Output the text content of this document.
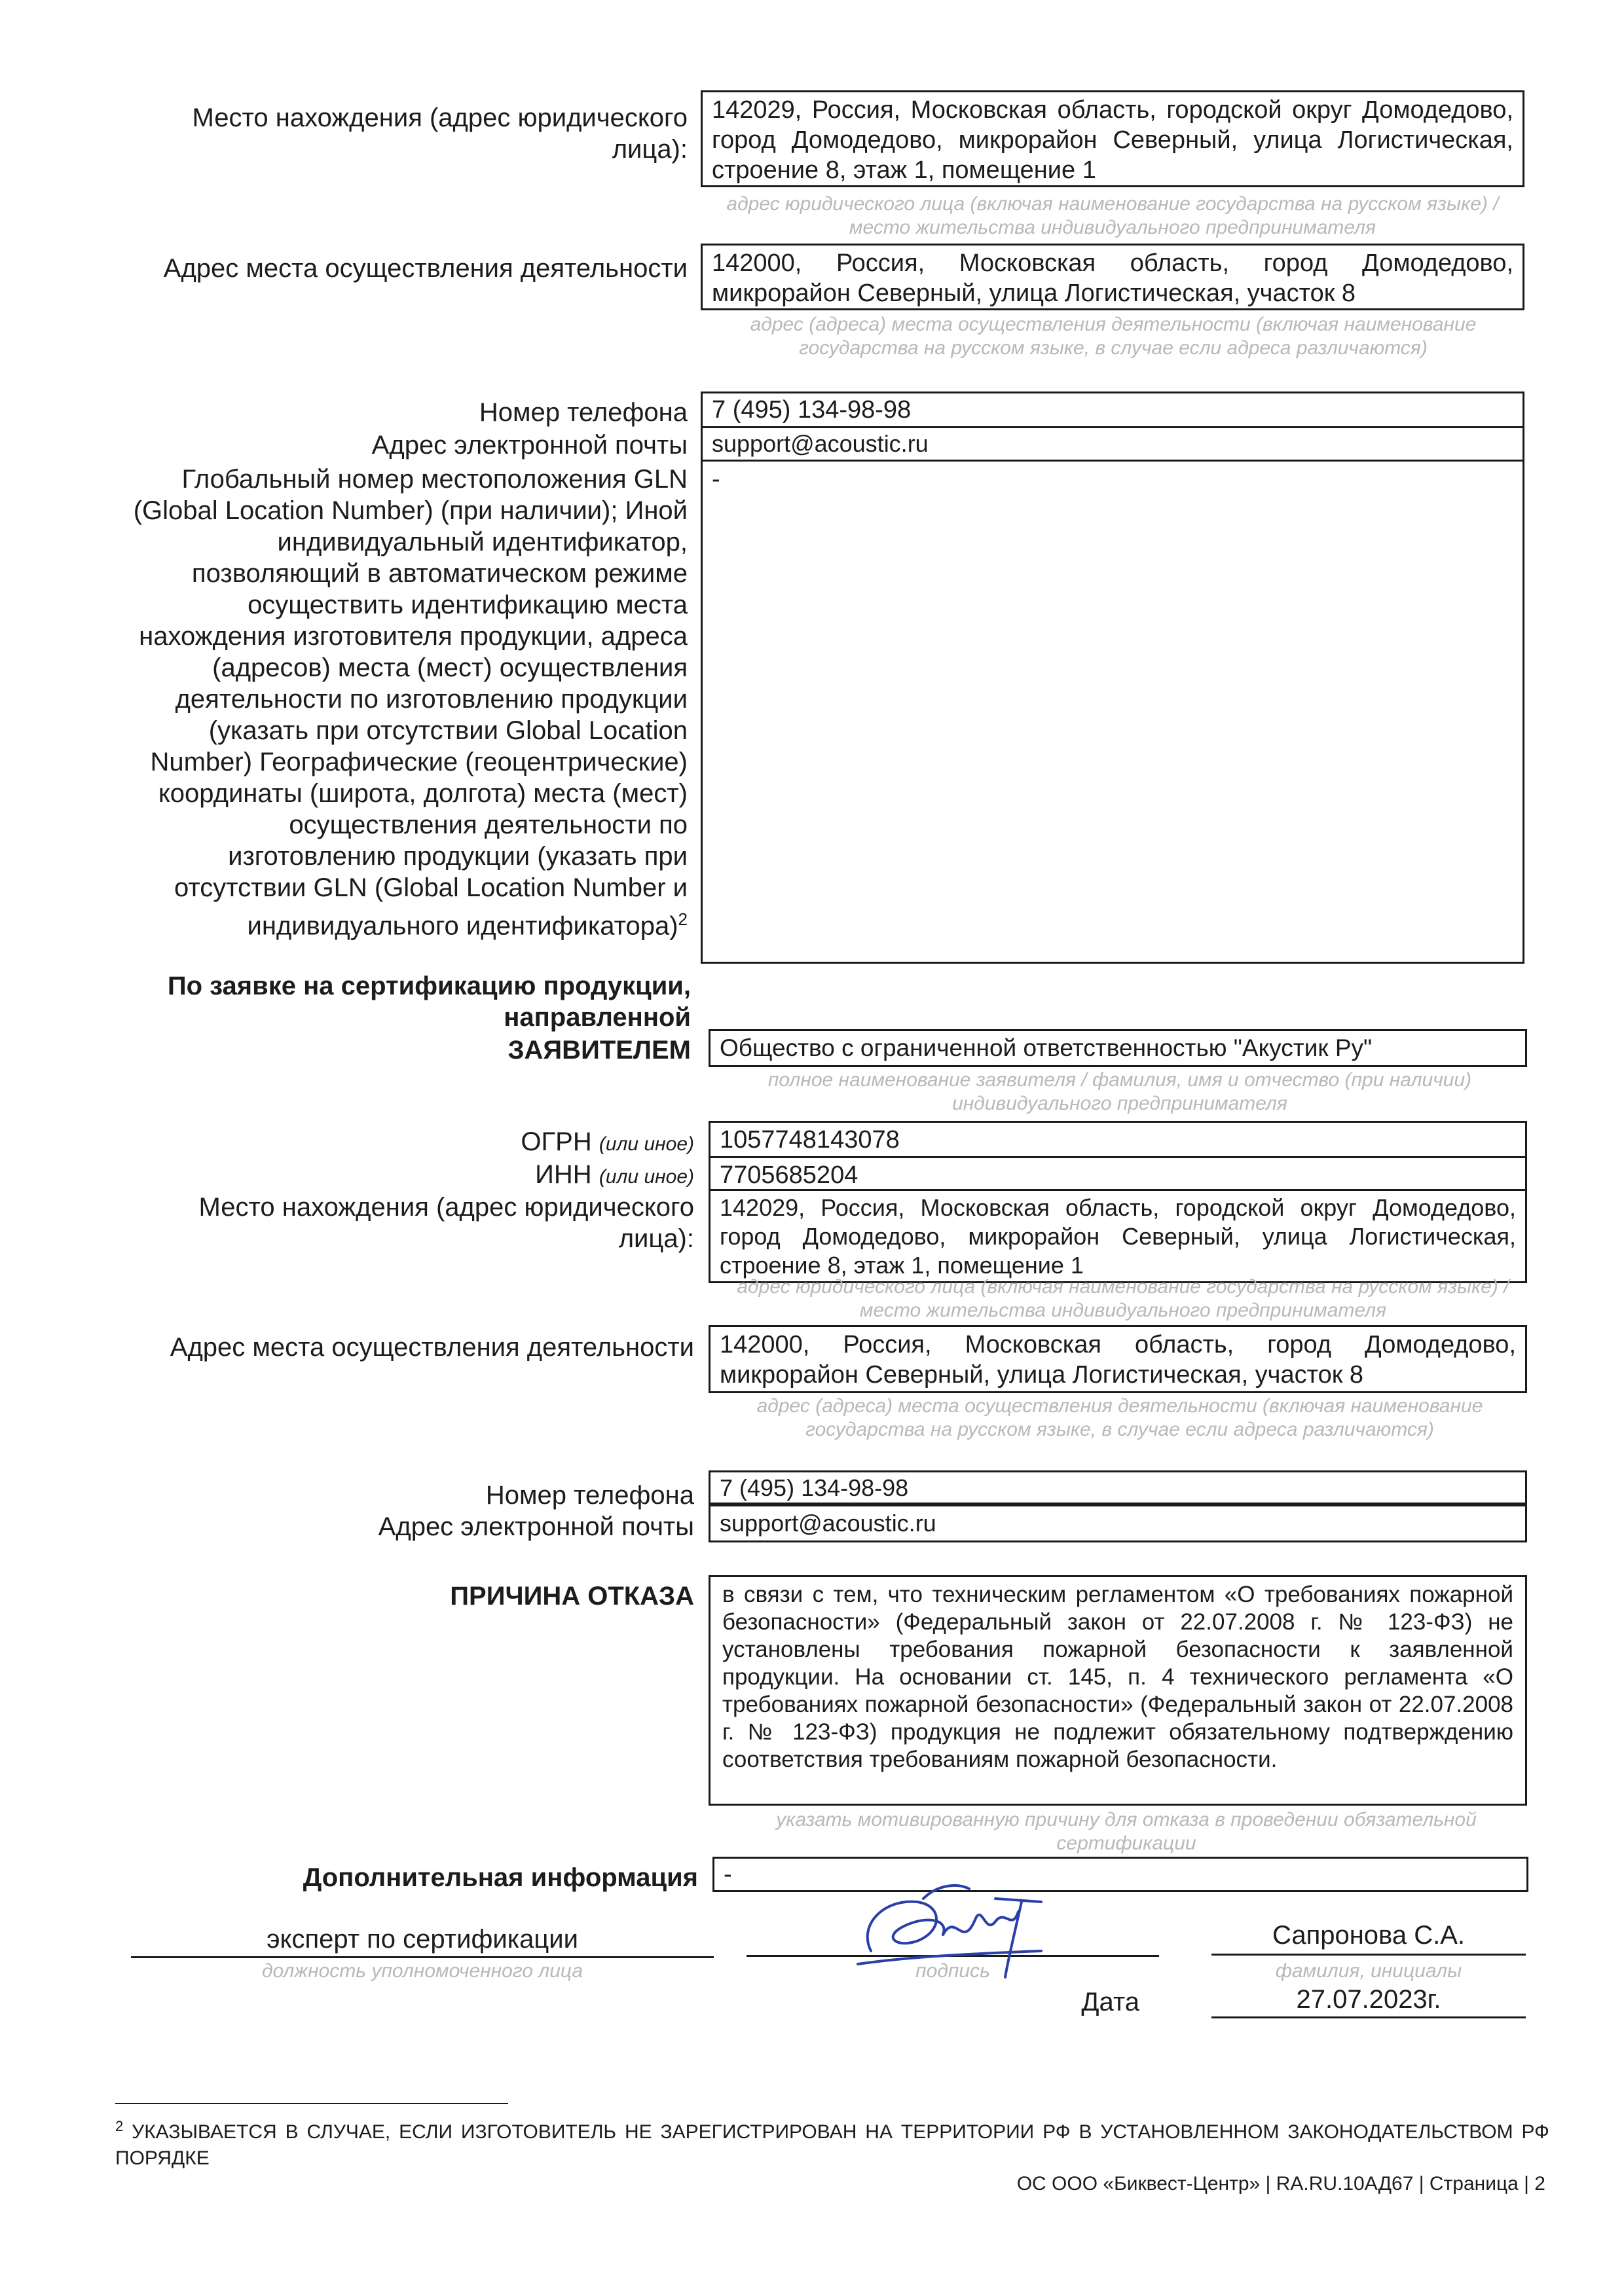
Место нахождения (адрес юридического лица):
142029, Россия, Московская область, городской округ Домодедово, город Домодедово, микрорайон Северный, улица Логистическая, строение 8, этаж 1, помещение 1
адрес юридического лица (включая наименование государства на русском языке) / место жительства индивидуального предпринимателя
Адрес места осуществления деятельности 142000, Россия, Московская область, город Домодедово, микрорайон Северный, улица Логистическая, участок 8
адрес (адреса) места осуществления деятельности (включая наименование государства на русском языке, в случае если адреса различаются)
Номер телефона 7 (495) 134-98-98
Адрес электронной почты	support@acoustic.ru
Глобальный номер местоположения GLN (Global Location Number) (при наличии); Иной индивидуальный идентификатор, позволяющий в автоматическом режиме осуществить идентификацию места нахождения изготовителя продукции, адреса (адресов) места (мест) осуществления деятельности по изготовлению продукции (указать при отсутствии Global Location Number) Географические (геоцентрические) координаты (широта, долгота) места (мест) осуществления деятельности по изготовлению продукции (указать при отсутствии GLN (Global Location Number и индивидуального идентификатора)$^2$
-
По заявке на сертификацию продукции, направленной
ЗАЯВИТЕЛЕМ	Общество с ограниченной ответственностью "Акустик Ру"
полное наименование заявителя / фамилия, имя и отчество (при наличии) индивидуального предпринимателя
ОГРН (или иное)	1057748143078
ИНН (или иное)	7705685204
Место нахождения (адрес юридического лица):
142029, Россия, Московская область, городской округ Домодедово, город Домодедово, микрорайон Северный, улица Логистическая, строение 8, этаж 1, помещение 1
адрес юридического лица (включая наименование государства на русском языке) / место жительства индивидуального предпринимателя
Адрес места осуществления деятельности	142000, Россия, Московская область, город Домодедово, микрорайон Северный, улица Логистическая, участок 8
адрес (адреса) места осуществления деятельности (включая наименование государства на русском языке, в случае если адреса различаются)
Номер телефона	7 (495) 134-98-98
Адрес электронной почты	support@acoustic.ru
ПРИЧИНА ОТКАЗА	в связи с тем, что техническим регламентом «О требованиях пожарной безопасности» (Федеральный закон от 22.07.2008 г. № 123-ФЗ) не установлены требования пожарной безопасности к заявленной продукции. На основании ст. 145, п. 4 технического регламента «О требованиях пожарной безопасности» (Федеральный закон от 22.07.2008 г. № 123-ФЗ) продукция не подлежит обязательному подтверждению соответствия требованиям пожарной безопасности.
указать мотивированную причину для отказа в проведении обязательной сертификации
Дополнительная информация	-
эксперт по сертификации
должность уполномоченного лица	подпись
Сапронова С.А.
фамилия, инициалы
Дата	27.07.2023г.
$^2$ УКАЗЫВАЕТСЯ В СЛУЧАЕ, ЕСЛИ ИЗГОТОВИТЕЛЬ НЕ ЗАРЕГИСТРИРОВАН НА ТЕРРИТОРИИ РФ В УСТАНОВЛЕННОМ ЗАКОНОДАТЕЛЬСТВОМ РФ ПОРЯДКЕ
ОС ООО «Биквест-Центр» | RA.RU.10АД67 | Страница | 2
